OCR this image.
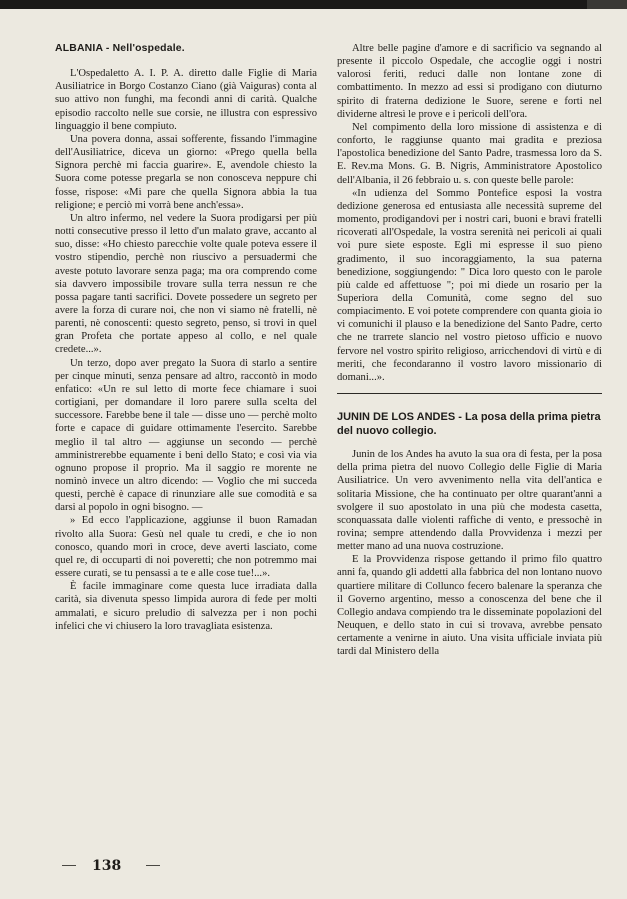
ALBANIA - Nell'ospedale.

L'Ospedaletto A. I. P. A. diretto dalle Figlie di Maria Ausiliatrice in Borgo Costanzo Ciano (già Vaiguras) conta al suo attivo non funghi, ma fecondi anni di carità. Qualche episodio raccolto nelle sue corsie, ne illustra con espressivo linguaggio il bene compiuto.

Una povera donna, assai sofferente, fissando l'immagine dell'Ausiliatrice, diceva un giorno: «Prego quella bella Signora perchè mi faccia guarire». E, avendole chiesto la Suora come potesse pregarla se non conosceva neppure chi fosse, rispose: «Mi pare che quella Signora abbia la tua religione; e perciò mi vorrà bene anch'essa».

Un altro infermo, nel vedere la Suora prodigarsi per più notti consecutive presso il letto d'un malato grave, accanto al suo, disse: «Ho chiesto parecchie volte quale poteva essere il vostro stipendio, perchè non riuscivo a persuadermi che aveste potuto lavorare senza paga; ma ora comprendo come sia davvero impossibile trovare sulla terra nessun re che possa pagare tanti sacrifici. Dovete possedere un segreto per avere la forza di curare noi, che non vi siamo nè fratelli, nè parenti, nè conoscenti: questo segreto, penso, si trovi in quel gran Profeta che portate appeso al collo, e nel quale credete...».

Un terzo, dopo aver pregato la Suora di starlo a sentire per cinque minuti, senza pensare ad altro, raccontò in modo enfatico: «Un re sul letto di morte fece chiamare i suoi cortigiani, per domandare il loro parere sulla scelta del successore. Farebbe bene il tale — disse uno — perchè molto forte e capace di guidare ottimamente l'esercito. Sarebbe meglio il tal altro — aggiunse un secondo — perchè amministrerebbe equamente i beni dello Stato; e così via via ognuno propose il proprio. Ma il saggio re morente ne nominò invece un altro dicendo: — Voglio che mi succeda questi, perchè è capace di rinunziare alle sue comodità e sa darsi al popolo in ogni bisogno. —

» Ed ecco l'applicazione, aggiunse il buon Ramadan rivolto alla Suora: Gesù nel quale tu credi, e che io non conosco, quando morì in croce, deve averti lasciato, come quel re, di occuparti di noi poveretti; che non potremmo mai essere curati, se tu pensassi a te e alle cose tue!...».

È facile immaginare come questa luce irradiata dalla carità, sia divenuta spesso limpida aurora di fede per molti ammalati, e sicuro preludio di salvezza per i non pochi infelici che vi chiusero la loro travagliata esistenza.

Altre belle pagine d'amore e di sacrificio va segnando al presente il piccolo Ospedale, che accoglie oggi i nostri valorosi feriti, reduci dalle non lontane zone di combattimento. In mezzo ad essi si prodigano con diuturno spirito di fraterna dedizione le Suore, serene e forti nel dividerne altresì le prove e i pericoli dell'ora.

Nel compimento della loro missione di assistenza e di conforto, le raggiunse quanto mai gradita e preziosa l'apostolica benedizione del Santo Padre, trasmessa loro da S. E. Rev.ma Mons. G. B. Nigris, Amministratore Apostolico dell'Albania, il 26 febbraio u. s. con queste belle parole:

«In udienza del Sommo Pontefice esposi la vostra dedizione generosa ed entusiasta alle necessità supreme del momento, prodigandovi per i nostri cari, buoni e bravi fratelli ricoverati all'Ospedale, la vostra serenità nei pericoli ai quali voi pure siete esposte. Egli mi espresse il suo pieno gradimento, il suo incoraggiamento, la sua paterna benedizione, soggiungendo: " Dica loro questo con le parole più calde ed affettuose "; poi mi diede un rosario per la Superiora della Comunità, come segno del suo compiacimento. E voi potete comprendere con quanta gioia io vi comunichi il plauso e la benedizione del Santo Padre, certo che ne trarrete slancio nel vostro pietoso ufficio e nuovo fervore nel vostro spirito religioso, arricchendovi di virtù e di meriti, che fecondaranno il vostro lavoro missionario di domani...».

JUNIN DE LOS ANDES - La posa della prima pietra del nuovo collegio.

Junin de los Andes ha avuto la sua ora di festa, per la posa della prima pietra del nuovo Collegio delle Figlie di Maria Ausiliatrice. Un vero avvenimento nella vita dell'antica e solitaria Missione, che ha continuato per oltre quarant'anni a svolgere il suo apostolato in una più che modesta casetta, sconquassata dalle violenti raffiche di vento, e pressochè in rovina; sempre attendendo dalla Provvidenza i mezzi per metter mano ad una nuova costruzione.

E la Provvidenza rispose gettando il primo filo quattro anni fa, quando gli addetti alla fabbrica del non lontano nuovo quartiere militare di Collunco fecero balenare la speranza che il Governo argentino, messo a conoscenza del bene che il Collegio andava compiendo tra le disseminate popolazioni del Neuquen, e dello stato in cui si trovava, avrebbe pensato certamente a venirne in aiuto. Una visita ufficiale inviata più tardi dal Ministero della

138
